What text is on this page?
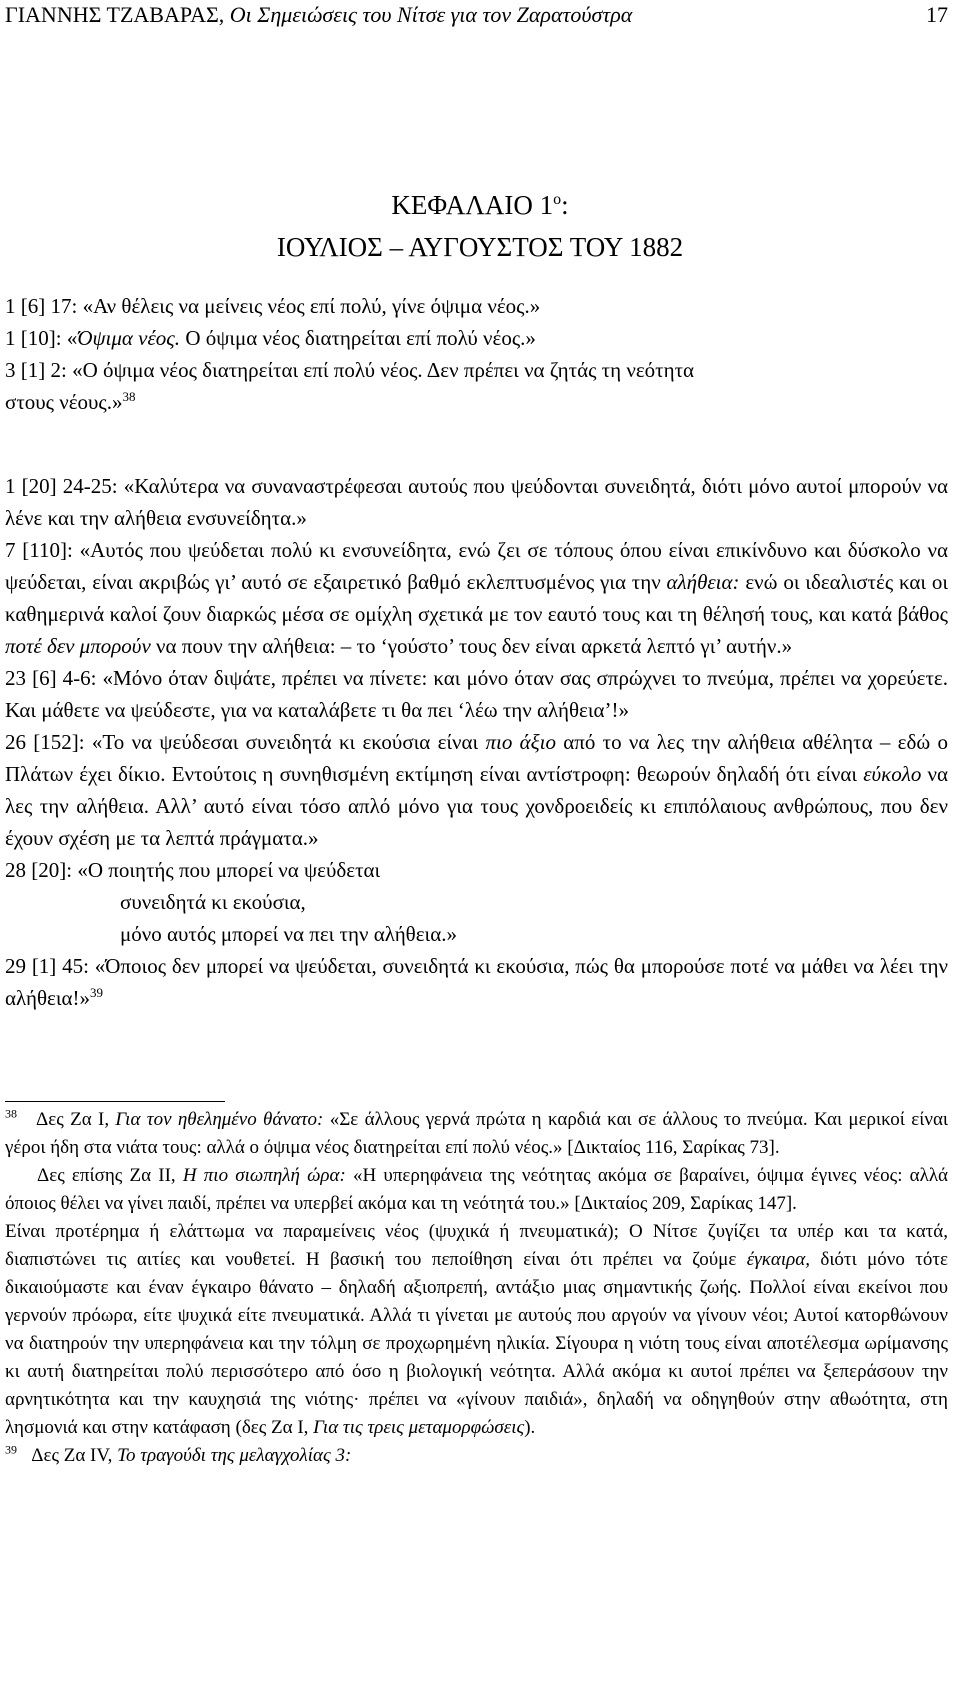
ΓΙΑΝΝΗΣ ΤΖΑΒΑΡΑΣ, Οι Σημειώσεις του Νίτσε για τον Ζαρατούστρα	17
ΚΕΦΑΛΑΙΟ $1^o$:
ΙΟΥΛΙΟΣ – ΑΥΓΟΥΣΤΟΣ ΤΟΥ 1882
1 [6] 17: «Αν θέλεις να μείνεις νέος επί πολύ, γίνε όψιμα νέος.»
1 [10]: «Όψιμα νέος. Ο όψιμα νέος διατηρείται επί πολύ νέος.»
3 [1] 2: «Ο όψιμα νέος διατηρείται επί πολύ νέος. Δεν πρέπει να ζητάς τη νεότητα
στους νέους.»$^{38}$
1 [20] 24-25: «Καλύτερα να συναναστρέφεσαι αυτούς που ψεύδονται συνειδητά, διότι μόνο αυτοί μπορούν να λένε και την αλήθεια ενσυνείδητα.»
7 [110]: «Αυτός που ψεύδεται πολύ κι ενσυνείδητα, ενώ ζει σε τόπους όπου είναι επικίνδυνο και δύσκολο να ψεύδεται, είναι ακριβώς γι’ αυτό σε εξαιρετικό βαθμό εκλεπτυσμένος για την αλήθεια: ενώ οι ιδεαλιστές και οι καθημερινά καλοί ζουν διαρκώς μέσα σε ομίχλη σχετικά με τον εαυτό τους και τη θέλησή τους, και κατά βάθος ποτέ δεν μπορούν να πουν την αλήθεια: – το ‘γούστο’ τους δεν είναι αρκετά λεπτό γι’ αυτήν.»
23 [6] 4-6: «Μόνο όταν διψάτε, πρέπει να πίνετε: και μόνο όταν σας σπρώχνει το πνεύμα, πρέπει να χορεύετε. Και μάθετε να ψεύδεστε, για να καταλάβετε τι θα πει ‘λέω την αλήθεια’!»
26 [152]: «Το να ψεύδεσαι συνειδητά κι εκούσια είναι πιο άξιο από το να λες την αλήθεια αθέλητα – εδώ ο Πλάτων έχει δίκιο. Εντούτοις η συνηθισμένη εκτίμηση είναι αντίστροφη: θεωρούν δηλαδή ότι είναι εύκολο να λες την αλήθεια. Αλλ’ αυτό είναι τόσο απλό μόνο για τους χονδροειδείς κι επιπόλαιους ανθρώπους, που δεν έχουν σχέση με τα λεπτά πράγματα.»
28 [20]: «Ο ποιητής που μπορεί να ψεύδεται
συνειδητά κι εκούσια,
μόνο αυτός μπορεί να πει την αλήθεια.»
29 [1] 45: «Όποιος δεν μπορεί να ψεύδεται, συνειδητά κι εκούσια, πώς θα μπορούσε ποτέ να μάθει να λέει την αλήθεια!»$^{39}$
$^{38}$ Δες Ζα Ι, Για τον ηθελημένο θάνατο: «Σε άλλους γερνά πρώτα η καρδιά και σε άλλους το πνεύμα. Και μερικοί είναι γέροι ήδη στα νιάτα τους: αλλά ο όψιμα νέος διατηρείται επί πολύ νέος.» [Δικταίος 116, Σαρίκας 73].
Δες επίσης Ζα ΙΙ, Η πιο σιωπηλή ώρα: «Η υπερηφάνεια της νεότητας ακόμα σε βαραίνει, όψιμα έγινες νέος: αλλά όποιος θέλει να γίνει παιδί, πρέπει να υπερβεί ακόμα και τη νεότητά του.» [Δικταίος 209, Σαρίκας 147].
Είναι προτέρημα ή ελάττωμα να παραμείνεις νέος (ψυχικά ή πνευματικά); Ο Νίτσε ζυγίζει τα υπέρ και τα κατά, διαπιστώνει τις αιτίες και νουθετεί. Η βασική του πεποίθηση είναι ότι πρέπει να ζούμε έγκαιρα, διότι μόνο τότε δικαιούμαστε και έναν έγκαιρο θάνατο – δηλαδή αξιοπρεπή, αντάξιο μιας σημαντικής ζωής. Πολλοί είναι εκείνοι που γερνούν πρόωρα, είτε ψυχικά είτε πνευματικά. Αλλά τι γίνεται με αυτούς που αργούν να γίνουν νέοι; Αυτοί κατορθώνουν να διατηρούν την υπερηφάνεια και την τόλμη σε προχωρημένη ηλικία. Σίγουρα η νιότη τους είναι αποτέλεσμα ωρίμανσης κι αυτή διατηρείται πολύ περισσότερο από όσο η βιολογική νεότητα. Αλλά ακόμα κι αυτοί πρέπει να ξεπεράσουν την αρνητικότητα και την καυχησιά της νιότης· πρέπει να «γίνουν παιδιά», δηλαδή να οδηγηθούν στην αθωότητα, στη λησμονιά και στην κατάφαση (δες Ζα Ι, Για τις τρεις μεταμορφώσεις).
$^{39}$ Δες Ζα IV, Το τραγούδι της μελαγχολίας 3:
